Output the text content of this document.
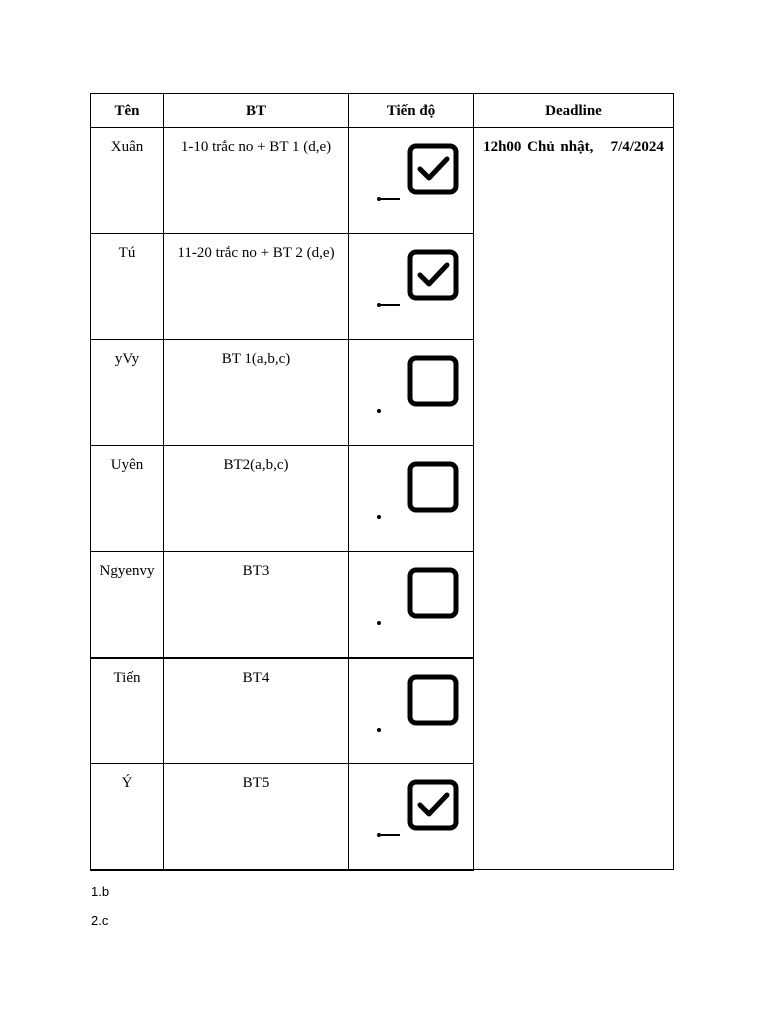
Tên	BT	Tiến độ	Deadline

Xuân	1-10 trắc no + BT 1 (d,e)		12h00 Chủ nhật,   7/4/2024

Tú	11-20 trắc no + BT 2 (d,e)

yVy	BT 1(a,b,c)

Uyên	BT2(a,b,c)

Ngyenvy	BT3

Tiến	BT4

Ý	BT5

1.b
2.c
